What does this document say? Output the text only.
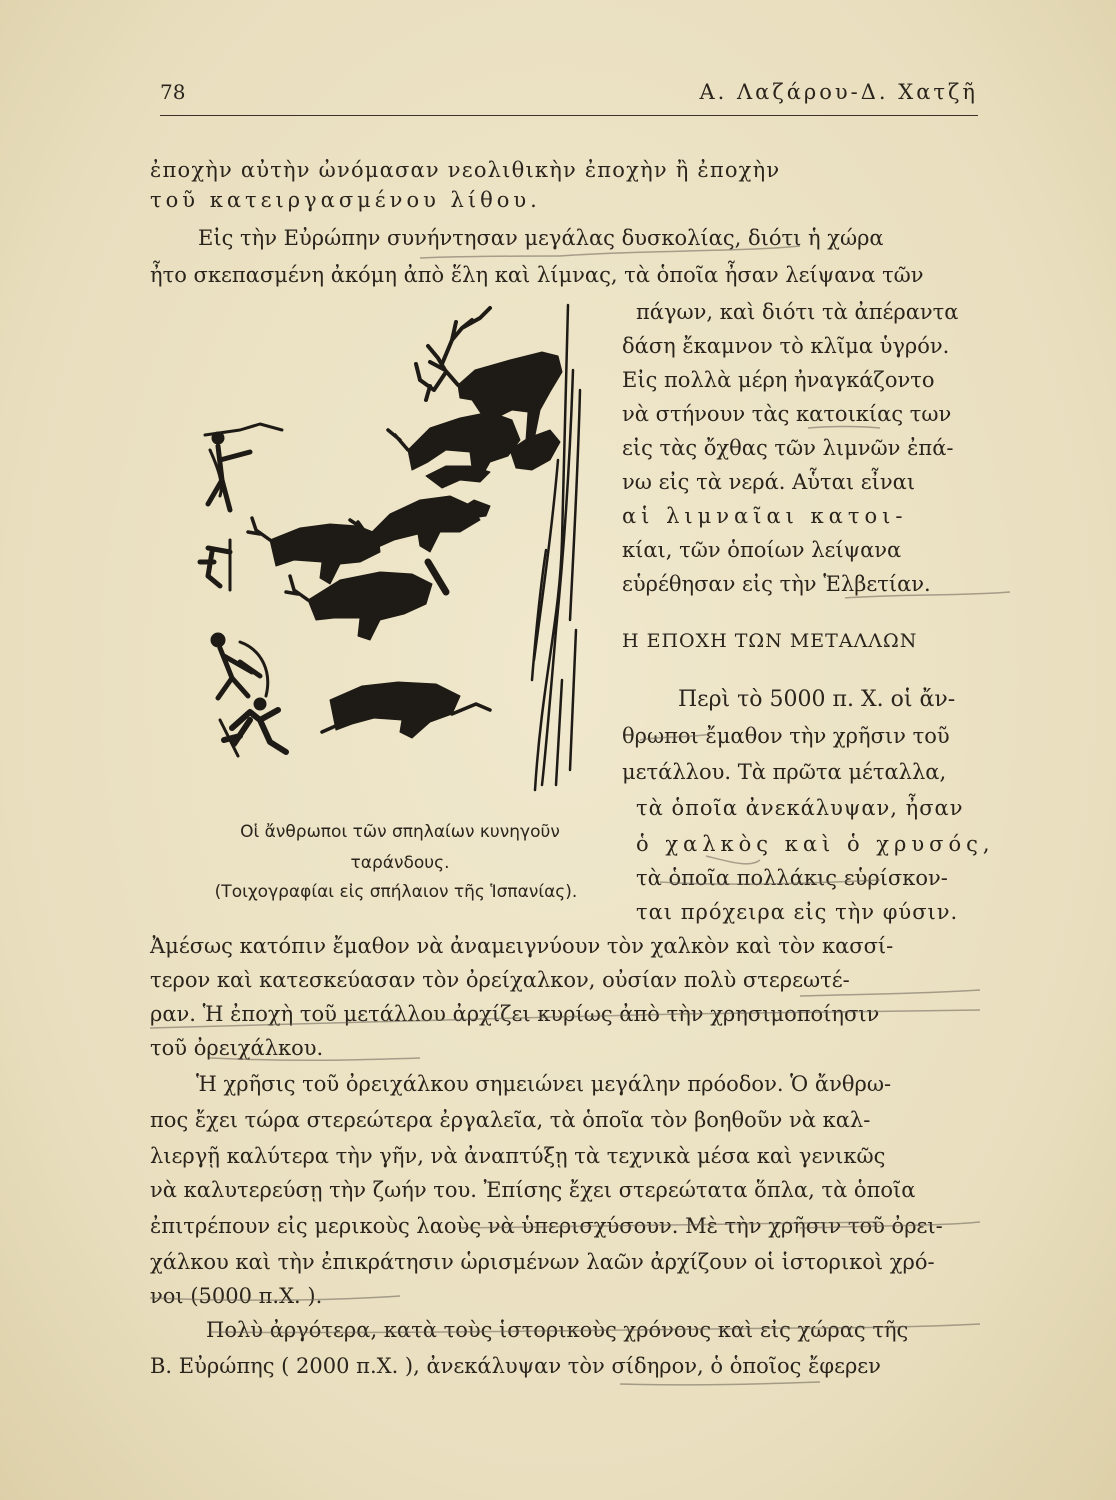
78	Α. Λαζάρου-Δ. Χατζῆ
ἐποχὴν αὐτὴν ὠνόμασαν νεολιθικὴν ἐποχὴν ἢ ἐποχὴν
τοῦ κατειργασμένου λίθου.
Εἰς τὴν Εὐρώπην συνήντησαν μεγάλας δυσκολίας, διότι ἡ χώρα
ἦτο σκεπασμένη ἀκόμη ἀπὸ ἕλη καὶ λίμνας, τὰ ὁποῖα ἦσαν λείψανα τῶν
πάγων, καὶ διότι τὰ ἀπέραντα
δάση ἔκαμνον τὸ κλῖμα ὑγρόν.
Εἰς πολλὰ μέρη ἠναγκάζοντο
νὰ στήνουν τὰς κατοικίας των
εἰς τὰς ὄχθας τῶν λιμνῶν ἐπά-
νω εἰς τὰ νερά. Αὗται εἶναι
αἱ λιμναῖαι κατοι-
κίαι, τῶν ὁποίων λείψανα
εὑρέθησαν εἰς τὴν Ἑλβετίαν.
Η ΕΠΟΧΗ ΤΩΝ ΜΕΤΑΛΛΩΝ
Περὶ τὸ 5000 π. Χ. οἱ ἄν-
θρωποι ἔμαθον τὴν χρῆσιν τοῦ
μετάλλου. Τὰ πρῶτα μέταλλα,
τὰ ὁποῖα ἀνεκάλυψαν, ἦσαν
ὁ χαλκὸς καὶ ὁ χρυσός,
τὰ ὁποῖα πολλάκις εὑρίσκον-
ται πρόχειρα εἰς τὴν φύσιν.
Οἱ ἄνθρωποι τῶν σπηλαίων κυνηγοῦν
ταράνδους.
(Τοιχογραφίαι εἰς σπήλαιον τῆς Ἱσπανίας).
Ἀμέσως κατόπιν ἔμαθον νὰ ἀναμειγνύουν τὸν χαλκὸν καὶ τὸν κασσί-
τερον καὶ κατεσκεύασαν τὸν ὀρείχαλκον, οὐσίαν πολὺ στερεωτέ-
ραν. Ἡ ἐποχὴ τοῦ μετάλλου ἀρχίζει κυρίως ἀπὸ τὴν χρησιμοποίησιν
τοῦ ὀρειχάλκου.
Ἡ χρῆσις τοῦ ὀρειχάλκου σημειώνει μεγάλην πρόοδον. Ὁ ἄνθρω-
πος ἔχει τώρα στερεώτερα ἐργαλεῖα, τὰ ὁποῖα τὸν βοηθοῦν νὰ καλ-
λιεργῇ καλύτερα τὴν γῆν, νὰ ἀναπτύξῃ τὰ τεχνικὰ μέσα καὶ γενικῶς
νὰ καλυτερεύσῃ τὴν ζωήν του. Ἐπίσης ἔχει στερεώτατα ὅπλα, τὰ ὁποῖα
ἐπιτρέπουν εἰς μερικοὺς λαοὺς νὰ ὑπερισχύσουν. Μὲ τὴν χρῆσιν τοῦ ὀρει-
χάλκου καὶ τὴν ἐπικράτησιν ὡρισμένων λαῶν ἀρχίζουν οἱ ἱστορικοὶ χρό-
νοι (5000 π.Χ. ).
Πολὺ ἀργότερα, κατὰ τοὺς ἱστορικοὺς χρόνους καὶ εἰς χώρας τῆς
Β. Εὐρώπης ( 2000 π.Χ. ), ἀνεκάλυψαν τὸν σίδηρον, ὁ ὁποῖος ἔφερεν
